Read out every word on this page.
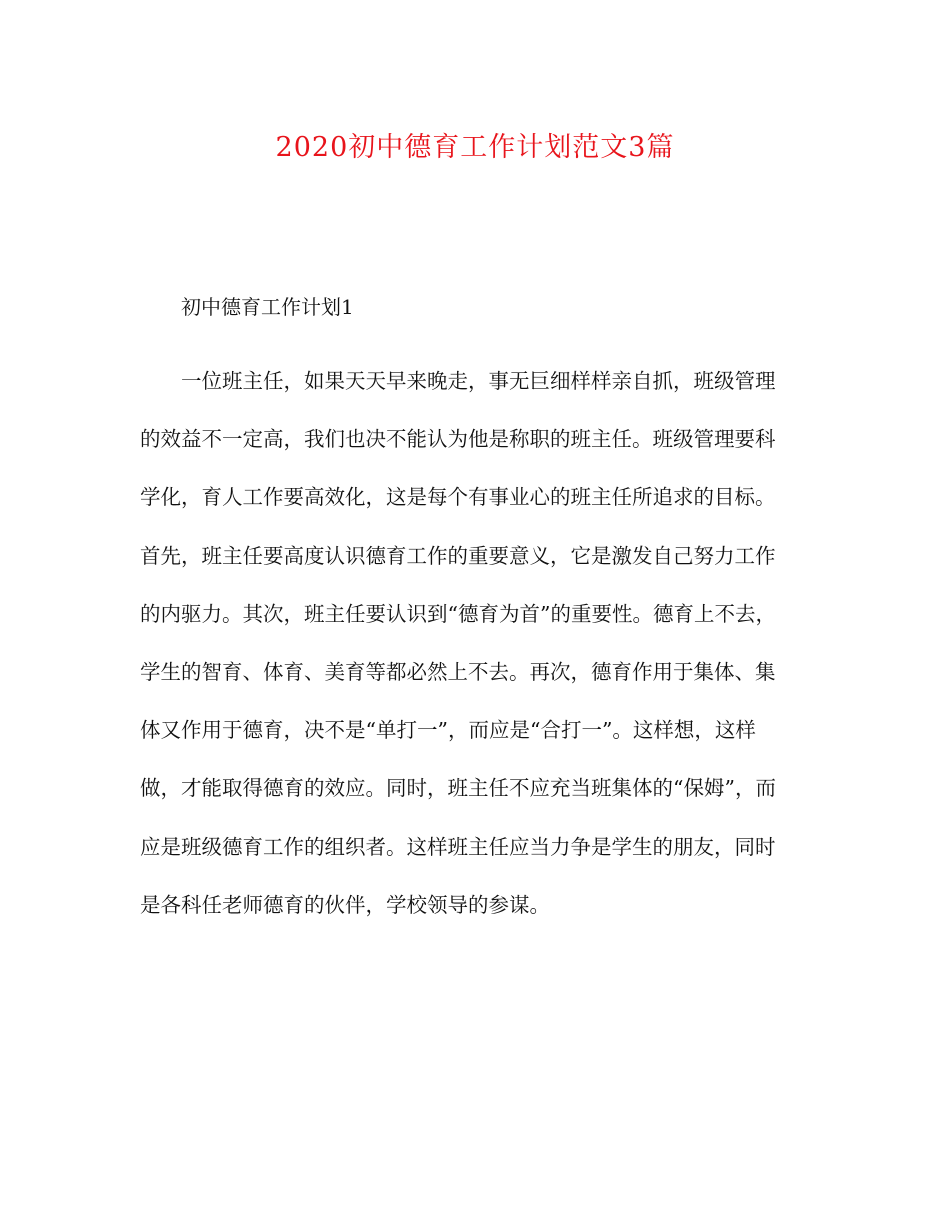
2020初中德育工作计划范文3篇
初中德育工作计划1
一位班主任，如果天天早来晚走，事无巨细样样亲自抓，班级管理
的效益不一定高，我们也决不能认为他是称职的班主任。班级管理要科
学化，育人工作要高效化，这是每个有事业心的班主任所追求的目标。
首先，班主任要高度认识德育工作的重要意义，它是激发自己努力工作
的内驱力。其次，班主任要认识到“德育为首”的重要性。德育上不去，
学生的智育、体育、美育等都必然上不去。再次，德育作用于集体、集
体又作用于德育，决不是“单打一”，而应是“合打一”。这样想，这样
做，才能取得德育的效应。同时，班主任不应充当班集体的“保姆”，而
应是班级德育工作的组织者。这样班主任应当力争是学生的朋友，同时
是各科任老师德育的伙伴，学校领导的参谋。
